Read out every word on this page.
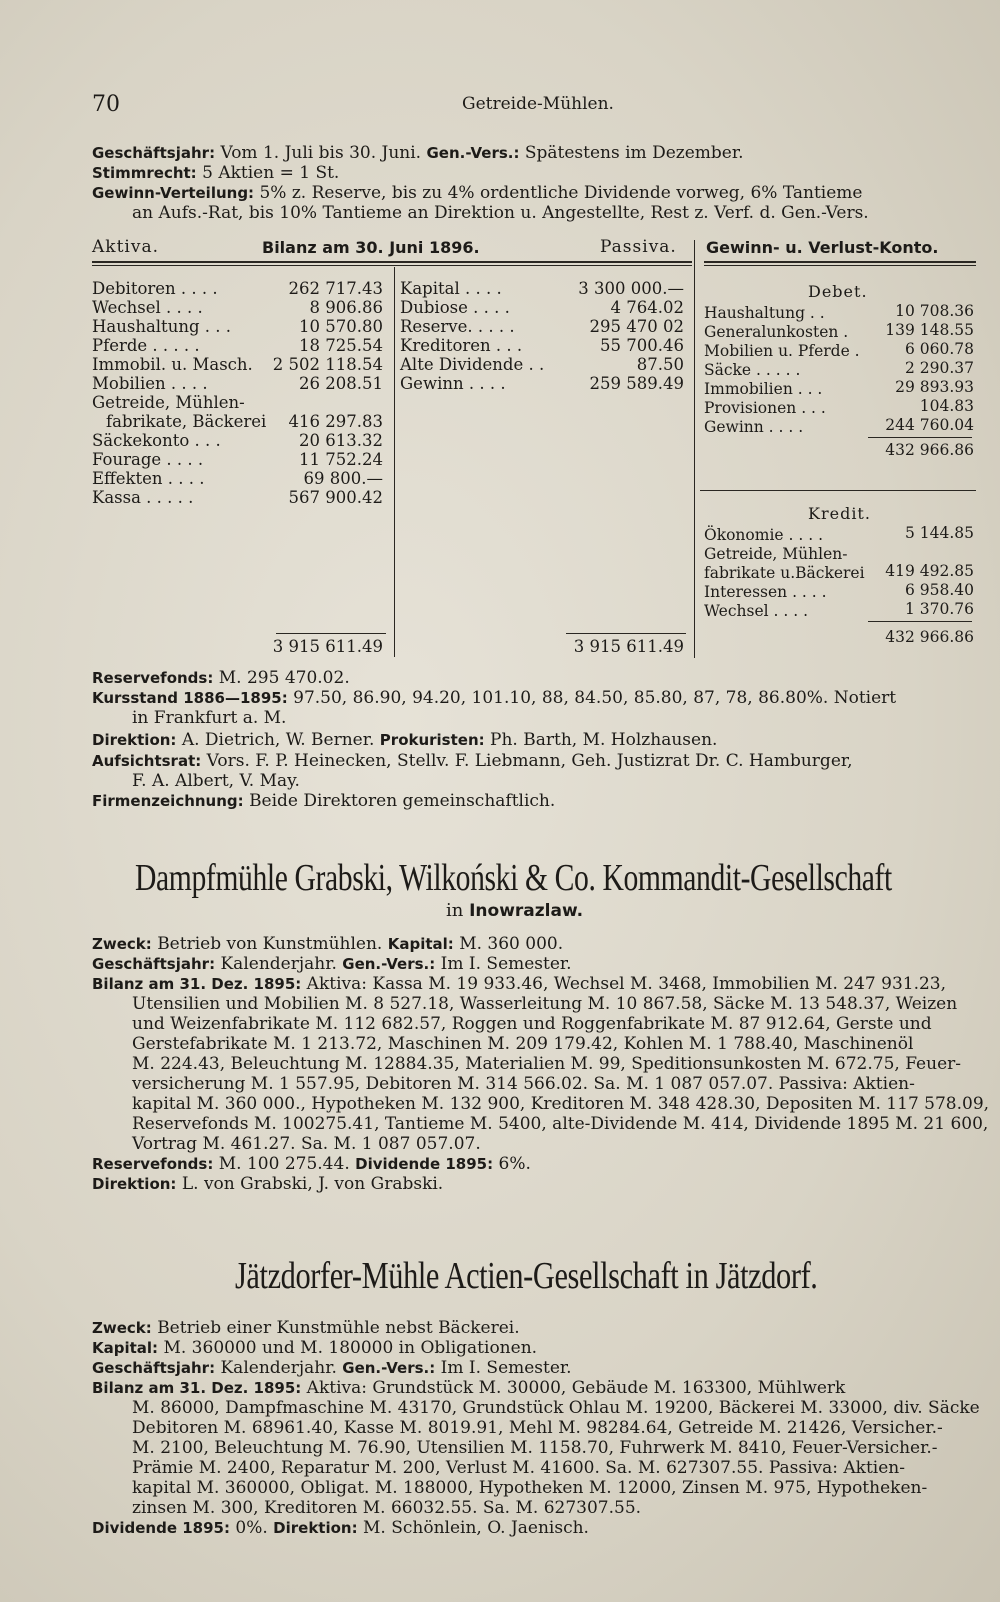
70	Getreide-Mühlen.
Geschäftsjahr: Vom 1. Juli bis 30. Juni. Gen.-Vers.: Spätestens im Dezember.
Stimmrecht: 5 Aktien = 1 St.
Gewinn-Verteilung: 5% z. Reserve, bis zu 4% ordentliche Dividende vorweg, 6% Tantieme
an Aufs.-Rat, bis 10% Tantieme an Direktion u. Angestellte, Rest z. Verf. d. Gen.-Vers.
Aktiva.	Bilanz am 30. Juni 1896.	Passiva. Gewinn- u. Verlust-Konto.
Debitoren . . . .	262 717.43
Wechsel . . . .	8 906.86
Haushaltung . . .	10 570.80
Pferde . . . . .	18 725.54
Immobil. u. Masch. 2 502 118.54
Mobilien . . . .	26 208.51
Getreide, Mühlen-
fabrikate, Bäckerei 416 297.83
Säckekonto . . .	20 613.32
Fourage . . . .	11 752.24
Effekten . . . .	69 800.—
Kassa . . . . .	567 900.42
3 915 611.49
Kapital . . . .	3 300 000.—
Dubiose . . . .	4 764.02
Reserve. . . . .	295 470 02
Kreditoren . . .	55 700.46
Alte Dividende . .	87.50
Gewinn . . . .	259 589.49
3 915 611.49
Debet.
Haushaltung . .	10 708.36
Generalunkosten . 139 148.55
Mobilien u. Pferde .	6 060.78
Säcke . . . . .	2 290.37
Immobilien . . .	29 893.93
Provisionen . . .	104.83
Gewinn . . . .	244 760.04
432 966.86
Kredit.
Ökonomie . . . .	5 144.85
Getreide, Mühlen-
fabrikate u.Bäckerei 419 492.85
Interessen . . . .	6 958.40
Wechsel . . . .	1 370.76
432 966.86
Reservefonds: M. 295 470.02.
Kursstand 1886—1895: 97.50, 86.90, 94.20, 101.10, 88, 84.50, 85.80, 87, 78, 86.80%. Notiert
in Frankfurt a. M.
Direktion: A. Dietrich, W. Berner. Prokuristen: Ph. Barth, M. Holzhausen.
Aufsichtsrat: Vors. F. P. Heinecken, Stellv. F. Liebmann, Geh. Justizrat Dr. C. Hamburger,
F. A. Albert, V. May.
Firmenzeichnung: Beide Direktoren gemeinschaftlich.
Dampfmühle Grabski, Wilkoński & Co. Kommandit-Gesellschaft
in Inowrazlaw.
Zweck: Betrieb von Kunstmühlen. Kapital: M. 360 000.
Geschäftsjahr: Kalenderjahr. Gen.-Vers.: Im I. Semester.
Bilanz am 31. Dez. 1895: Aktiva: Kassa M. 19 933.46, Wechsel M. 3468, Immobilien M. 247 931.23,
Utensilien und Mobilien M. 8 527.18, Wasserleitung M. 10 867.58, Säcke M. 13 548.37, Weizen
und Weizenfabrikate M. 112 682.57, Roggen und Roggenfabrikate M. 87 912.64, Gerste und
Gerstefabrikate M. 1 213.72, Maschinen M. 209 179.42, Kohlen M. 1 788.40, Maschinenöl
M. 224.43, Beleuchtung M. 12884.35, Materialien M. 99, Speditionsunkosten M. 672.75, Feuer-
versicherung M. 1 557.95, Debitoren M. 314 566.02. Sa. M. 1 087 057.07. Passiva: Aktien-
kapital M. 360 000., Hypotheken M. 132 900, Kreditoren M. 348 428.30, Depositen M. 117 578.09,
Reservefonds M. 100275.41, Tantieme M. 5400, alte-Dividende M. 414, Dividende 1895 M. 21 600,
Vortrag M. 461.27. Sa. M. 1 087 057.07.
Reservefonds: M. 100 275.44. Dividende 1895: 6%.
Direktion: L. von Grabski, J. von Grabski.
Jätzdorfer-Mühle Actien-Gesellschaft in Jätzdorf.
Zweck: Betrieb einer Kunstmühle nebst Bäckerei.
Kapital: M. 360000 und M. 180000 in Obligationen.
Geschäftsjahr: Kalenderjahr. Gen.-Vers.: Im I. Semester.
Bilanz am 31. Dez. 1895: Aktiva: Grundstück M. 30000, Gebäude M. 163300, Mühlwerk
M. 86000, Dampfmaschine M. 43170, Grundstück Ohlau M. 19200, Bäckerei M. 33000, div. Säcke
Debitoren M. 68961.40, Kasse M. 8019.91, Mehl M. 98284.64, Getreide M. 21426, Versicher.-
M. 2100, Beleuchtung M. 76.90, Utensilien M. 1158.70, Fuhrwerk M. 8410, Feuer-Versicher.-
Prämie M. 2400, Reparatur M. 200, Verlust M. 41600. Sa. M. 627307.55. Passiva: Aktien-
kapital M. 360000, Obligat. M. 188000, Hypotheken M. 12000, Zinsen M. 975, Hypotheken-
zinsen M. 300, Kreditoren M. 66032.55. Sa. M. 627307.55.
Dividende 1895: 0%. Direktion: M. Schönlein, O. Jaenisch.
